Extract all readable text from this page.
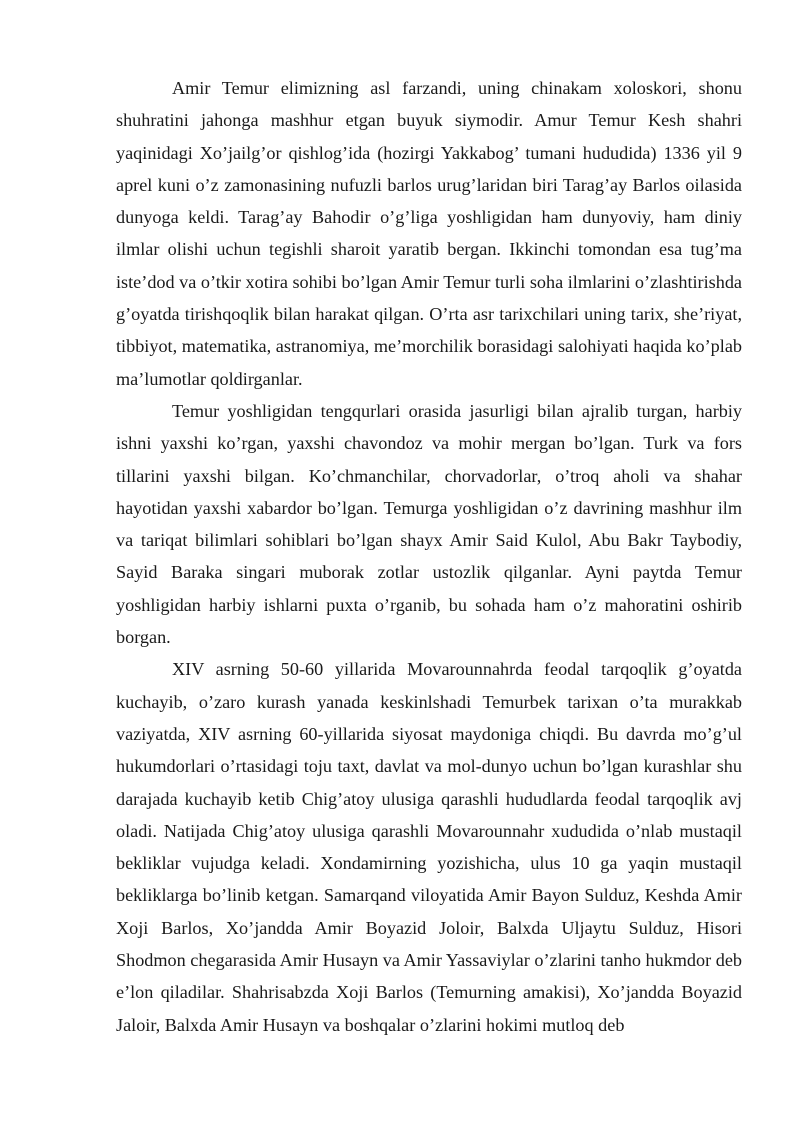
Amir Temur elimizning asl farzandi, uning chinakam xoloskori, shonu shuhratini jahonga mashhur etgan buyuk siymodir. Amur Temur Kesh shahri yaqinidagi Xo’jailg’or qishlog’ida (hozirgi Yakkabog’ tumani hududida) 1336 yil 9 aprel kuni o’z zamonasining nufuzli barlos urug’laridan biri Tarag’ay Barlos oilasida dunyoga keldi. Tarag’ay Bahodir o’g’liga yoshligidan ham dunyoviy, ham diniy ilmlar olishi uchun tegishli sharoit yaratib bergan. Ikkinchi tomondan esa tug’ma iste’dod va o’tkir xotira sohibi bo’lgan Amir Temur turli soha ilmlarini o’zlashtirishda g’oyatda tirishqoqlik bilan harakat qilgan. O’rta asr tarixchilari uning tarix, she’riyat, tibbiyot, matematika, astranomiya, me’morchilik borasidagi salohiyati haqida ko’plab ma’lumotlar qoldirganlar.

Temur yoshligidan tengqurlari orasida jasurligi bilan ajralib turgan, harbiy ishni yaxshi ko’rgan, yaxshi chavondoz va mohir mergan bo’lgan. Turk va fors tillarini yaxshi bilgan. Ko’chmanchilar, chorvadorlar, o’troq aholi va shahar hayotidan yaxshi xabardor bo’lgan. Temurga yoshligidan o’z davrining mashhur ilm va tariqat bilimlari sohiblari bo’lgan shayx Amir Said Kulol, Abu Bakr Taybodiy, Sayid Baraka singari muborak zotlar ustozlik qilganlar. Ayni paytda Temur yoshligidan harbiy ishlarni puxta o’rganib, bu sohada ham o’z mahoratini oshirib borgan.

XIV asrning 50-60 yillarida Movarounnahrda feodal tarqoqlik g’oyatda kuchayib, o’zaro kurash yanada keskinlshadi Temurbek tarixan o’ta murakkab vaziyatda, XIV asrning 60-yillarida siyosat maydoniga chiqdi. Bu davrda mo’g’ul hukumdorlari o’rtasidagi toju taxt, davlat va mol-dunyo uchun bo’lgan kurashlar shu darajada kuchayib ketib Chig’atoy ulusiga qarashli hududlarda feodal tarqoqlik avj oladi. Natijada Chig’atoy ulusiga qarashli Movarounnahr xududida o’nlab mustaqil bekliklar vujudga keladi. Xondamirning yozishicha, ulus 10 ga yaqin mustaqil bekliklarga bo’linib ketgan. Samarqand viloyatida Amir Bayon Sulduz, Keshda Amir Xoji Barlos, Xo’jandda Amir Boyazid Joloir, Balxda Uljaytu Sulduz, Hisori Shodmon chegarasida Amir Husayn va Amir Yassaviylar o’zlarini tanho hukmdor deb e’lon qiladilar. Shahrisabzda Xoji Barlos (Temurning amakisi), Xo’jandda Boyazid Jaloir, Balxda Amir Husayn va boshqalar o’zlarini hokimi mutloq deb
